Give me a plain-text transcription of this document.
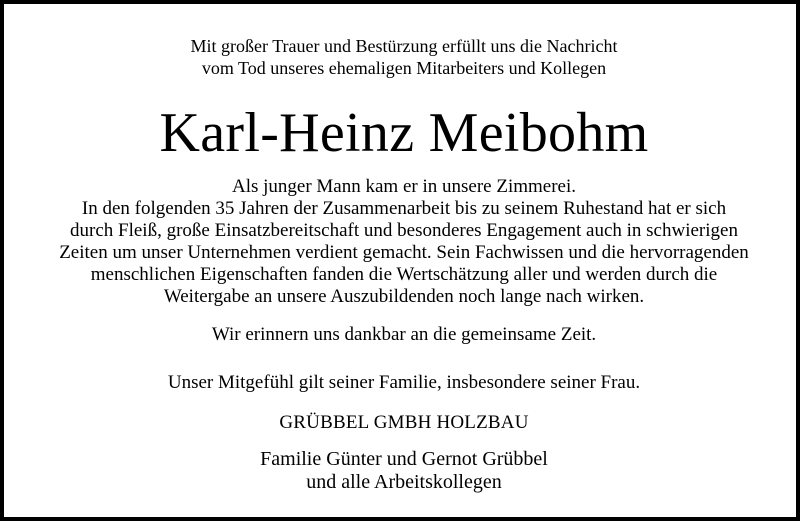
Mit großer Trauer und Bestürzung erfüllt uns die Nachricht
vom Tod unseres ehemaligen Mitarbeiters und Kollegen
Karl-Heinz Meibohm
Als junger Mann kam er in unsere Zimmerei.
In den folgenden 35 Jahren der Zusammenarbeit bis zu seinem Ruhestand hat er sich
durch Fleiß, große Einsatzbereitschaft und besonderes Engagement auch in schwierigen
Zeiten um unser Unternehmen verdient gemacht. Sein Fachwissen und die hervorragenden
menschlichen Eigenschaften fanden die Wertschätzung aller und werden durch die
Weitergabe an unsere Auszubildenden noch lange nach wirken.
Wir erinnern uns dankbar an die gemeinsame Zeit.
Unser Mitgefühl gilt seiner Familie, insbesondere seiner Frau.
GRÜBBEL GMBH HOLZBAU
Familie Günter und Gernot Grübbel
und alle Arbeitskollegen
